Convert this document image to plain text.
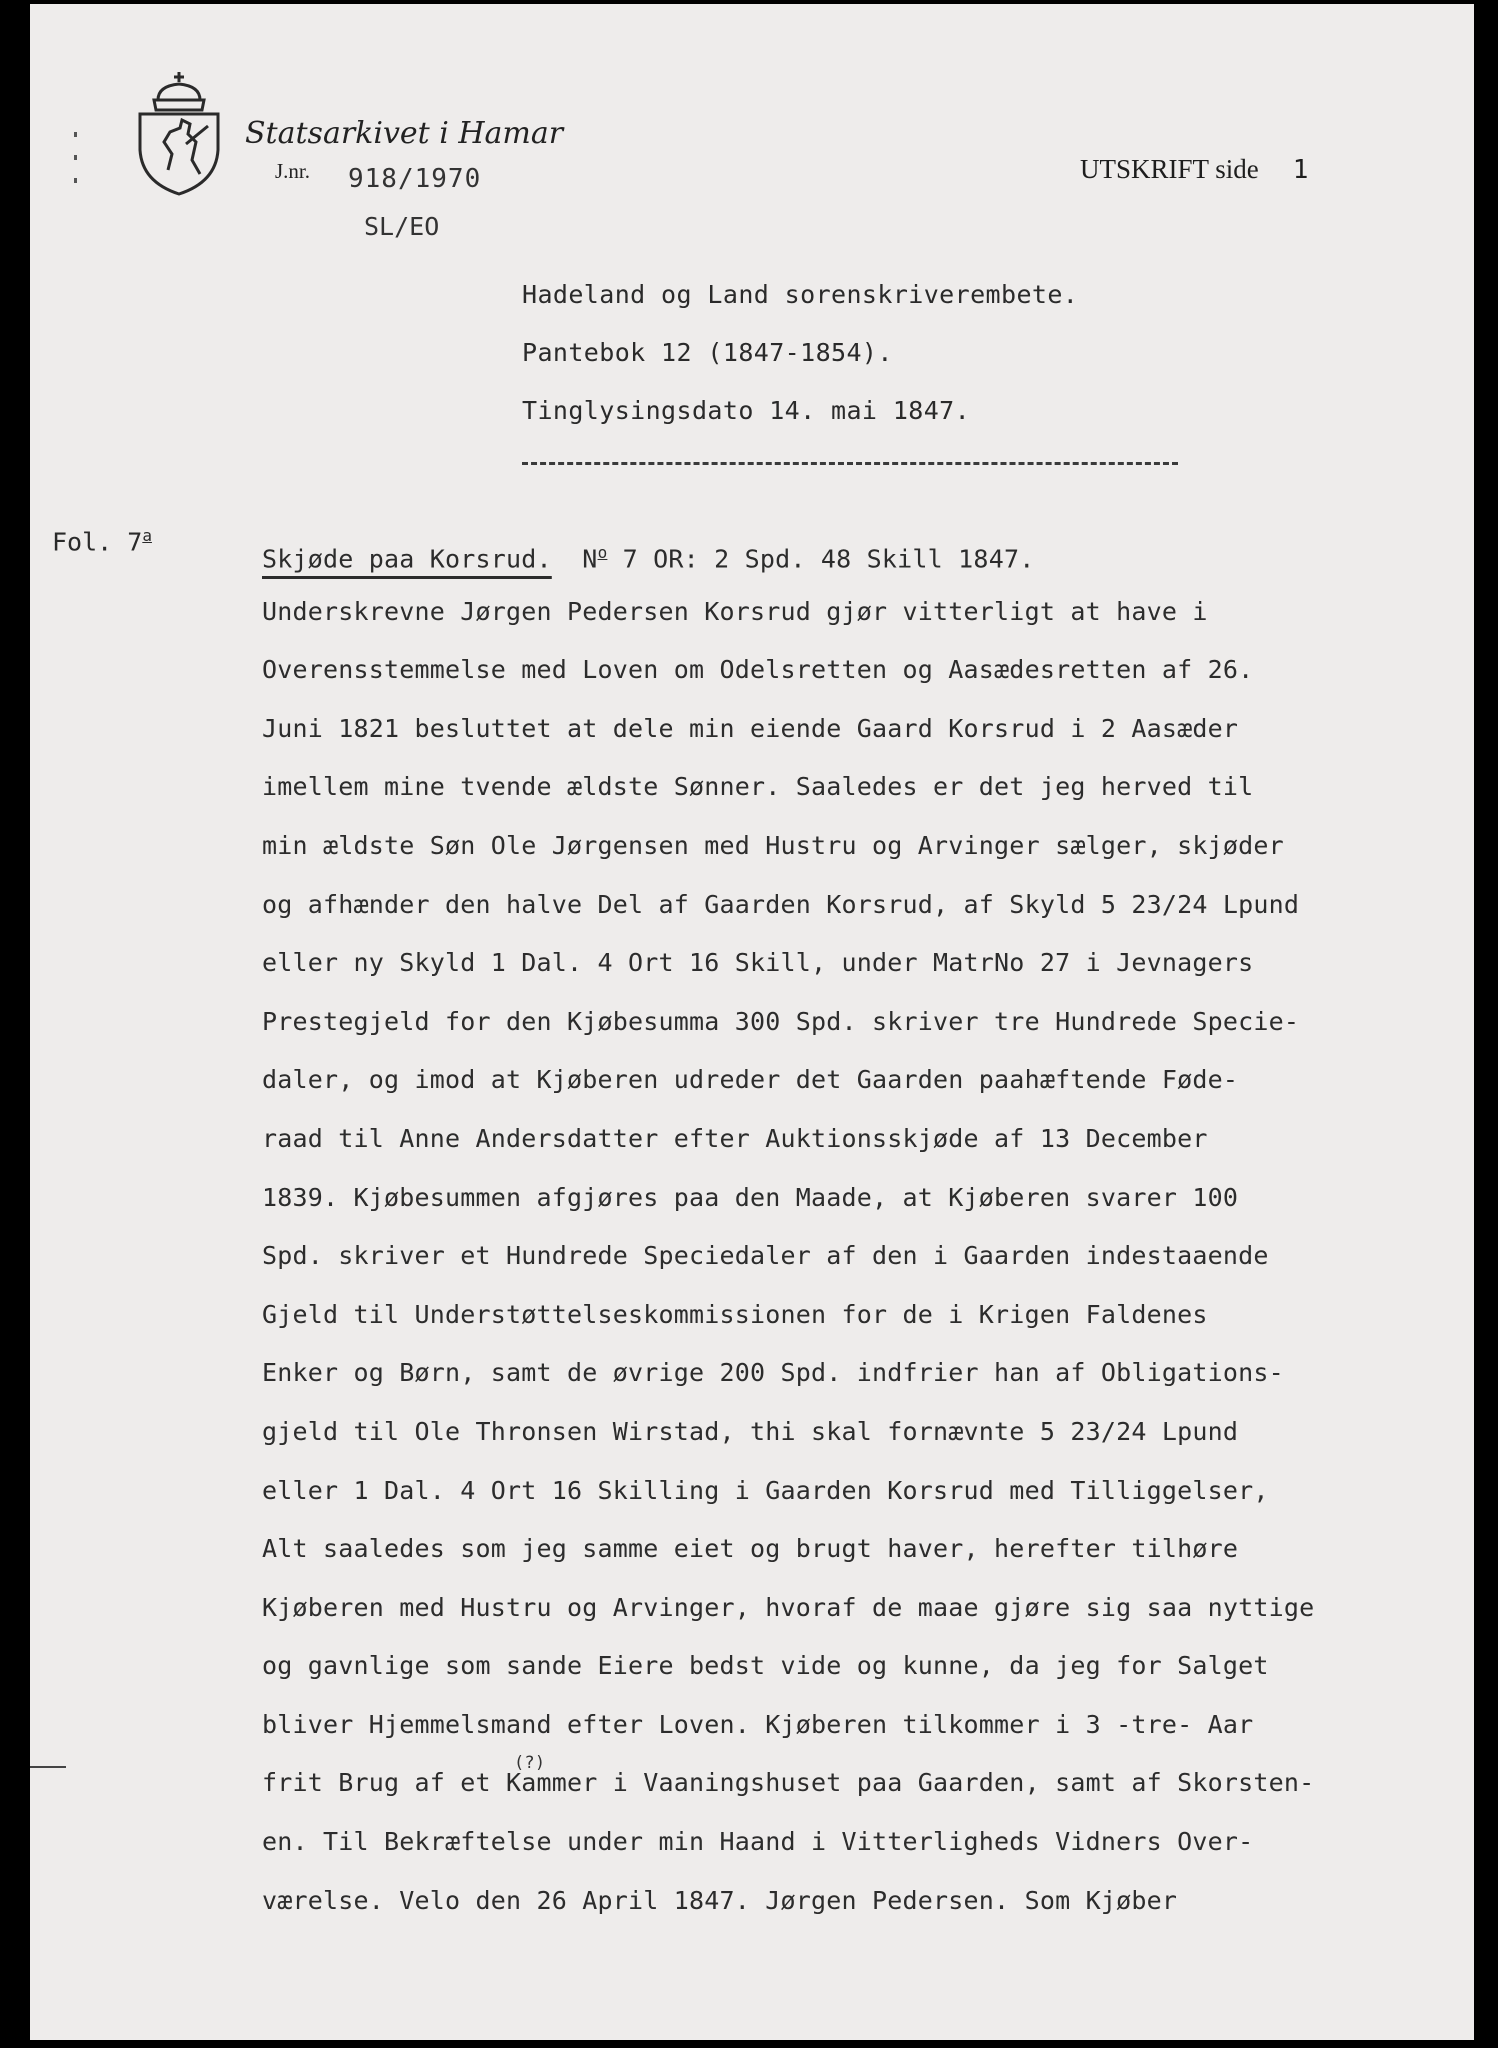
Statsarkivet i Hamar
J.nr. 918/1970
SL/EO
UTSKRIFT side 1
Hadeland og Land sorenskriverembete.
Pantebok 12 (1847-1854).
Tinglysingsdato 14. mai 1847.
Fol. 7$^a$
Skjøde paa Korsrud. $N^o$ 7 OR: 2 Spd. 48 Skill 1847.
Underskrevne Jørgen Pedersen Korsrud gjør vitterligt at have i
Overensstemmelse med Loven om Odelsretten og Aasædesretten af 26.
Juni 1821 besluttet at dele min eiende Gaard Korsrud i 2 Aasæder
imellem mine tvende ældste Sønner. Saaledes er det jeg herved til
min ældste Søn Ole Jørgensen med Hustru og Arvinger sælger, skjøder
og afhænder den halve Del af Gaarden Korsrud, af Skyld 5 23/24 Lpund
eller ny Skyld 1 Dal. 4 Ort 16 Skill, under MatrNo 27 i Jevnagers
Prestegjeld for den Kjøbesumma 300 Spd. skriver tre Hundrede Specie-
daler, og imod at Kjøberen udreder det Gaarden paahæftende Føde-
raad til Anne Andersdatter efter Auktionsskjøde af 13 December
1839. Kjøbesummen afgjøres paa den Maade, at Kjøberen svarer 100
Spd. skriver et Hundrede Speciedaler af den i Gaarden indestaaende
Gjeld til Understøttelseskommissionen for de i Krigen Faldenes
Enker og Børn, samt de øvrige 200 Spd. indfrier han af Obligations-
gjeld til Ole Thronsen Wirstad, thi skal fornævnte 5 23/24 Lpund
eller 1 Dal. 4 Ort 16 Skilling i Gaarden Korsrud med Tilliggelser,
Alt saaledes som jeg samme eiet og brugt haver, herefter tilhøre
Kjøberen med Hustru og Arvinger, hvoraf de maae gjøre sig saa nyttige
og gavnlige som sande Eiere bedst vide og kunne, da jeg for Salget
bliver Hjemmelsmand efter Loven. Kjøberen tilkommer i 3 -tre- Aar
frit Brug af et Kammer i Vaaningshuset paa Gaarden, samt af Skorsten-
(?)
en. Til Bekræftelse under min Haand i Vitterligheds Vidners Over-
værelse. Velo den 26 April 1847. Jørgen Pedersen. Som Kjøber
